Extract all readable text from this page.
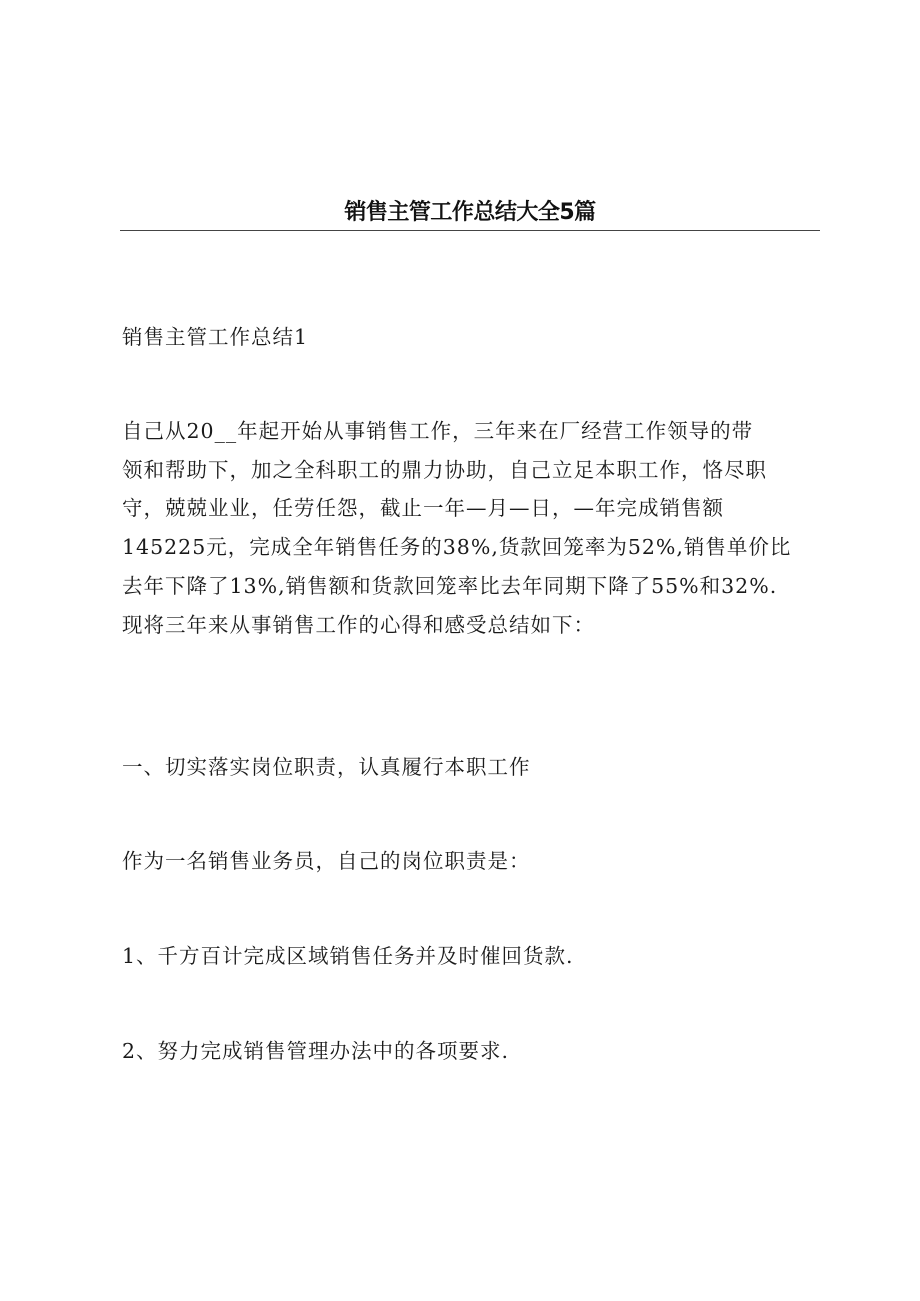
销售主管工作总结大全5篇

销售主管工作总结1

自己从20__年起开始从事销售工作，三年来在厂经营工作领导的带
领和帮助下，加之全科职工的鼎力协助，自己立足本职工作，恪尽职
守，兢兢业业，任劳任怨，截止一年—月—日，—年完成销售额
145225元，完成全年销售任务的38%,货款回笼率为52%,销售单价比
去年下降了13%,销售额和货款回笼率比去年同期下降了55%和32%.
现将三年来从事销售工作的心得和感受总结如下：

一、切实落实岗位职责，认真履行本职工作

作为一名销售业务员，自己的岗位职责是：

1、千方百计完成区域销售任务并及时催回货款.

2、努力完成销售管理办法中的各项要求.
